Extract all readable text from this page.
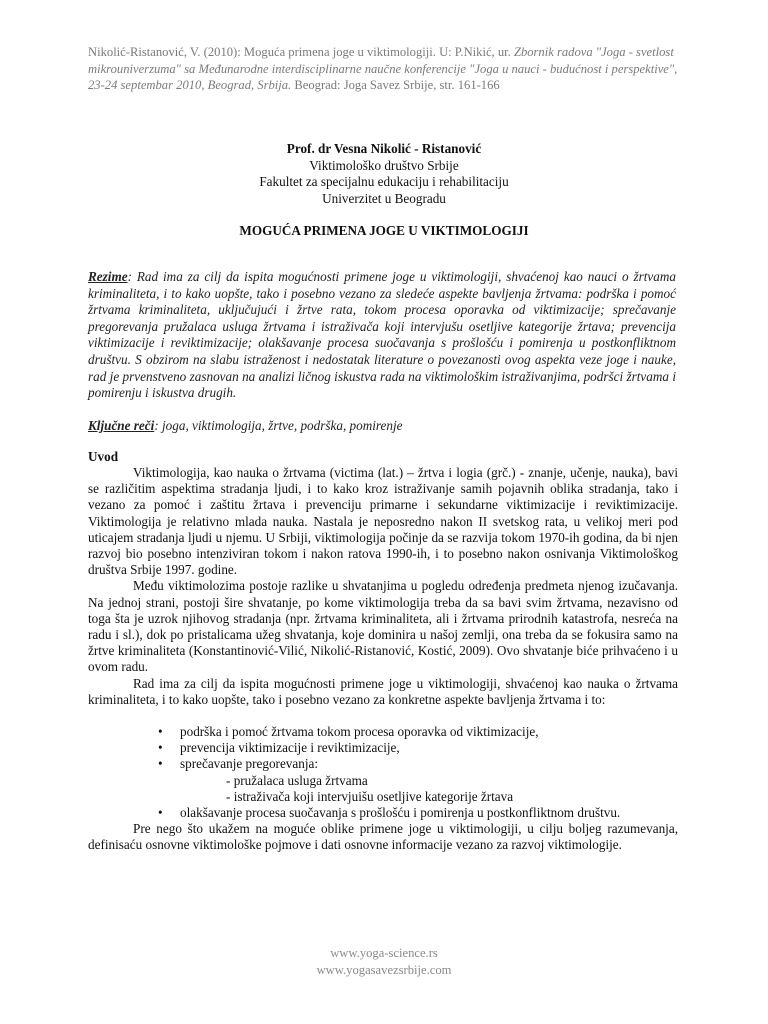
Nikolić-Ristanović, V. (2010): Moguća primena joge u viktimologiji. U: P.Nikić, ur. Zbornik radova "Joga - svetlost mikrouniverzuma" sa Međunarodne interdisciplinarne naučne konferencije "Joga u nauci - budućnost i perspektive", 23-24 septembar 2010, Beograd, Srbija. Beograd: Joga Savez Srbije, str. 161-166
Prof. dr Vesna Nikolić - Ristanović
Viktimološko društvo Srbije
Fakultet za specijalnu edukaciju i rehabilitaciju
Univerzitet u Beogradu
MOGUĆA PRIMENA JOGE U VIKTIMOLOGIJI
Rezime: Rad ima za cilj da ispita mogućnosti primene joge u viktimologiji, shvaćenoj kao nauci o žrtvama kriminaliteta, i to kako uopšte, tako i posebno vezano za sledeće aspekte bavljenja žrtvama: podrška i pomoć žrtvama kriminaliteta, uključujući i žrtve rata, tokom procesa oporavka od viktimizacije; sprečavanje pregorevanja pružalaca usluga žrtvama i istraživača koji intervjušu osetljive kategorije žrtava; prevencija viktimizacije i reviktimizacije; olakšavanje procesa suočavanja s prošlošću i pomirenja u postkonfliktnom društvu. S obzirom na slabu istraženost i nedostatak literature o povezanosti ovog aspekta veze joge i nauke, rad je prvenstveno zasnovan na analizi ličnog iskustva rada na viktimološkim istraživanjima, podršci žrtvama i pomirenju i iskustva drugih.
Ključne reči: joga, viktimologija, žrtve, podrška, pomirenje
Uvod

Viktimologija, kao nauka o žrtvama (victima (lat.) – žrtva i logia (grč.) - znanje, učenje, nauka), bavi se različitim aspektima stradanja ljudi, i to kako kroz istraživanje samih pojavnih oblika stradanja, tako i vezano za pomoć i zaštitu žrtava i prevenciju primarne i sekundarne viktimizacije i reviktimizacije. Viktimologija je relativno mlada nauka. Nastala je neposredno nakon II svetskog rata, u velikoj meri pod uticajem stradanja ljudi u njemu. U Srbiji, viktimologija počinje da se razvija tokom 1970-ih godina, da bi njen razvoj bio posebno intenziviran tokom i nakon ratova 1990-ih, i to posebno nakon osnivanja Viktimološkog društva Srbije 1997. godine.

Među viktimolozima postoje razlike u shvatanjima u pogledu određenja predmeta njenog izučavanja. Na jednoj strani, postoji šire shvatanje, po kome viktimologija treba da sa bavi svim žrtvama, nezavisno od toga šta je uzrok njihovog stradanja (npr. žrtvama kriminaliteta, ali i žrtvama prirodnih katastrofa, nesreća na radu i sl.), dok po pristalicama užeg shvatanja, koje dominira u našoj zemlji, ona treba da se fokusira samo na žrtve kriminaliteta (Konstantinović-Vilić, Nikolić-Ristanović, Kostić, 2009). Ovo shvatanje biće prihvaćeno i u ovom radu.

Rad ima za cilj da ispita mogućnosti primene joge u viktimologiji, shvaćenoj kao nauka o žrtvama kriminaliteta, i to kako uopšte, tako i posebno vezano za konkretne aspekte bavljenja žrtvama i to:

• podrška i pomoć žrtvama tokom procesa oporavka od viktimizacije,
• prevencija viktimizacije i reviktimizacije,
• sprečavanje pregorevanja:
- pružalaca usluga žrtvama
- istraživača koji intervjuišu osetljive kategorije žrtava
• olakšavanje procesa suočavanja s prošlošću i pomirenja u postkonfliktnom društvu.

Pre nego što ukažem na moguće oblike primene joge u viktimologiji, u cilju boljeg razumevanja, definisaću osnovne viktimološke pojmove i dati osnovne informacije vezano za razvoj viktimologije.

www.yoga-science.rs
www.yogasavezsrbije.com
